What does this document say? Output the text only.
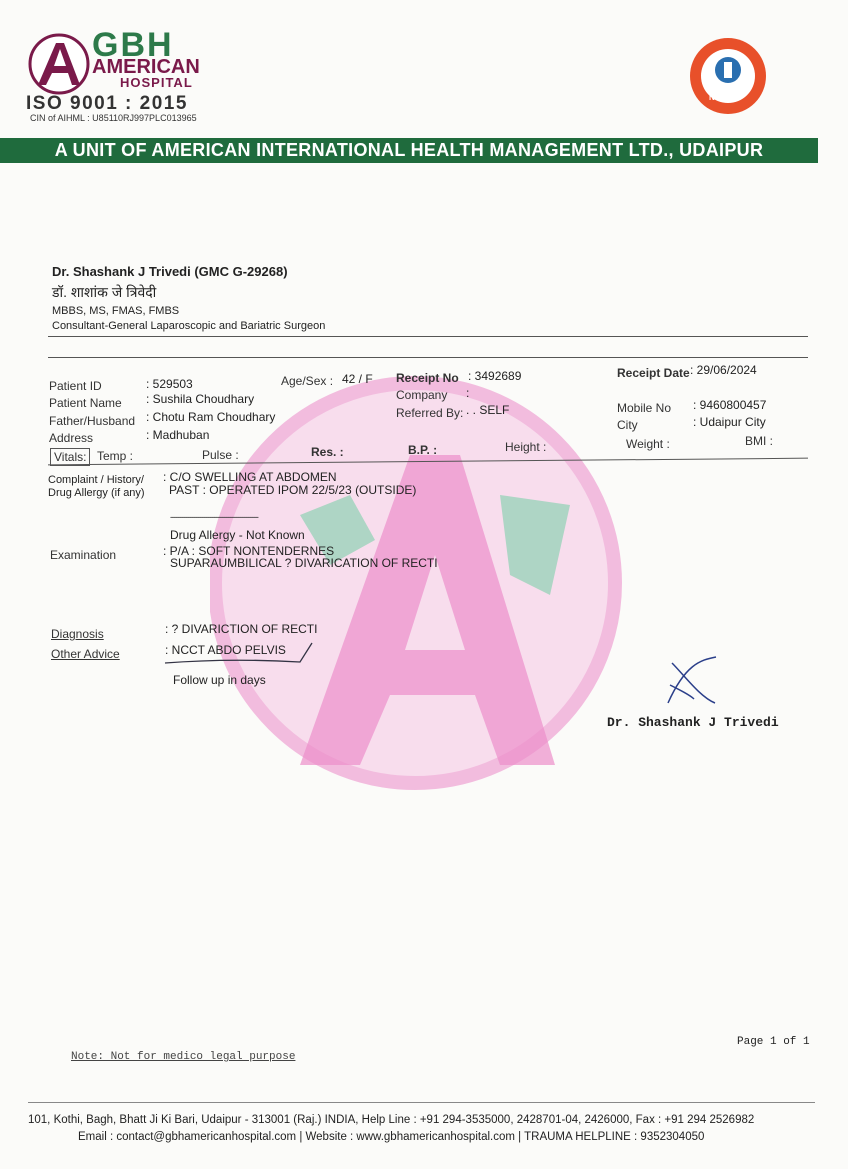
GBH
AMERICAN
HOSPITAL
ISO 9001 : 2015
CIN of AIHML : U85110RJ997PLC013965
NABH
A UNIT OF AMERICAN INTERNATIONAL HEALTH MANAGEMENT LTD., UDAIPUR
Dr. Shashank J Trivedi (GMC G-29268)
डॉ. शाशांक जे त्रिवेदी
MBBS, MS, FMAS, FMBS
Consultant-General Laparoscopic and Bariatric Surgeon
Patient ID	: 529503
Patient Name : Sushila Choudhary
Father/Husband : Chotu Ram Choudhary
Address	: Madhuban
Age/Sex : 42 / F Receipt No : 3492689
Company :
Referred By: . . SELF
Receipt Date : 29/06/2024
Mobile No : 9460800457
City	: Udaipur City
Vitals: Temp :	Pulse :	Res. :	B.P. :	Height :	Weight :	BMI :
Complaint / History/
Drug Allergy (if any)
: C/O SWELLING AT ABDOMEN
PAST : OPERATED IPOM 22/5/23 (OUTSIDE)
--------------------------------------------
Drug Allergy - Not Known
Examination	: P/A : SOFT NONTENDERNES
SUPARAUMBILICAL ? DIVARICATION OF RECTI
Diagnosis	: ? DIVARICTION OF RECTI
Other Advice	: NCCT ABDO PELVIS
Follow up in days
Dr. Shashank J Trivedi
Note: Not for medico legal purpose
Page 1 of 1
101, Kothi, Bagh, Bhatt Ji Ki Bari, Udaipur - 313001 (Raj.) INDIA, Help Line : +91 294-3535000, 2428701-04, 2426000, Fax : +91 294 2526982
Email : contact@gbhamericanhospital.com | Website : www.gbhamericanhospital.com | TRAUMA HELPLINE : 9352304050
